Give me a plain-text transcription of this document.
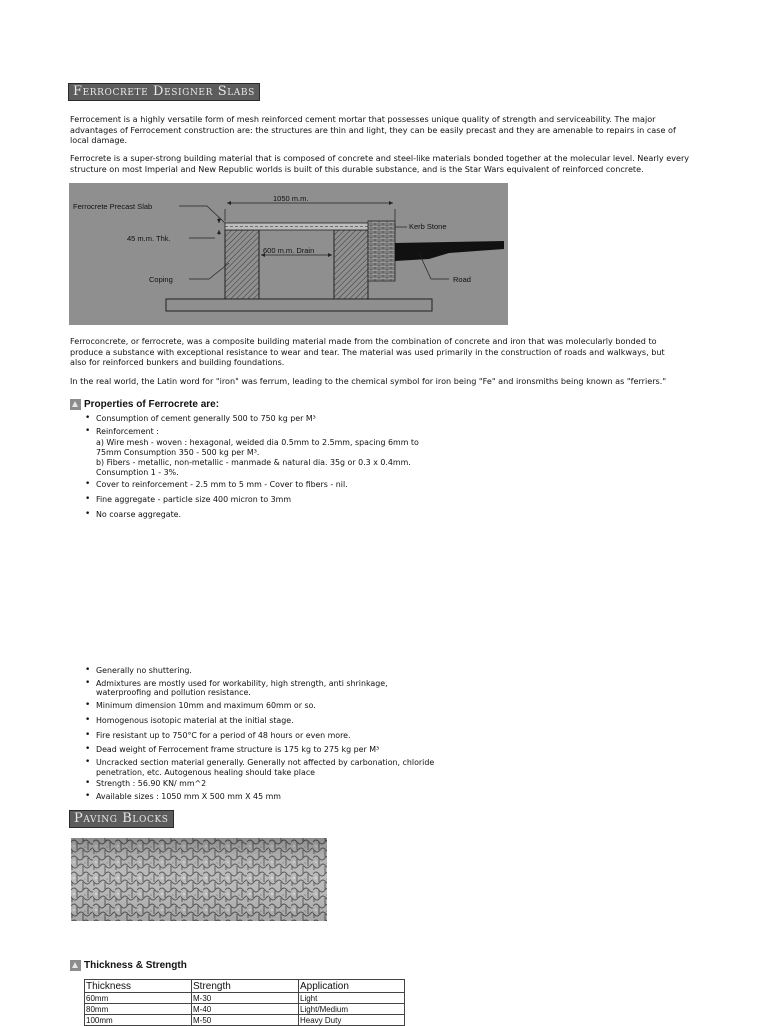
Ferrocrete Designer Slabs

Ferrocement is a highly versatile form of mesh reinforced cement mortar that possesses unique quality of strength and serviceability. The major advantages of Ferrocement construction are: the structures are thin and light, they can be easily precast and they are amenable to repairs in case of local damage.

Ferrocrete is a super-strong building material that is composed of concrete and steel-like materials bonded together at the molecular level. Nearly every structure on most Imperial and New Republic worlds is built of this durable substance, and is the Star Wars equivalent of reinforced concrete.

Ferrocrete Precast Slab
1050 m.m.
Kerb Stone
45 m.m. Thk.
600 m.m. Drain
Coping	Road

Ferroconcrete, or ferrocrete, was a composite building material made from the combination of concrete and iron that was molecularly bonded to produce a substance with exceptional resistance to wear and tear. The material was used primarily in the construction of roads and walkways, but also for reinforced bunkers and building foundations.

In the real world, the Latin word for "iron" was ferrum, leading to the chemical symbol for iron being "Fe" and ironsmiths being known as "ferriers."

Properties of Ferrocrete are:
• Consumption of cement generally 500 to 750 kg per M³
• Reinforcement :

a) Wire mesh - woven : hexagonal, weided dia 0.5mm to 2.5mm, spacing 6mm to
75mm Consumption 350 - 500 kg per M³.
b) Fibers - metallic, non-metallic - manmade & natural dia. 35g or 0.3 x 0.4mm.
Consumption 1 - 3%.
• Cover to reinforcement - 2.5 mm to 5 mm - Cover to fibers - nil.
• Fine aggregate - particle size 400 micron to 3mm
• No coarse aggregate.
• Generally no shuttering.
• Admixtures are mostly used for workability, high strength, anti shrinkage,
waterproofing and pollution resistance.
• Minimum dimension 10mm and maximum 60mm or so.
• Homogenous isotopic material at the initial stage.
• Fire resistant up to 750°C for a period of 48 hours or even more.
• Dead weight of Ferrocement frame structure is 175 kg to 275 kg per M³
• Uncracked section material generally. Generally not affected by carbonation, chloride
penetration, etc. Autogenous healing should take place
• Strength : 56.90 KN/ mm^2
• Available sizes : 1050 mm X 500 mm X 45 mm
Paving Blocks
Thickness & Strength
Thickness	Strength	Application
60mm	M-30	Light
80mm	M-40	Light/Medium
100mm	M-50	Heavy Duty
